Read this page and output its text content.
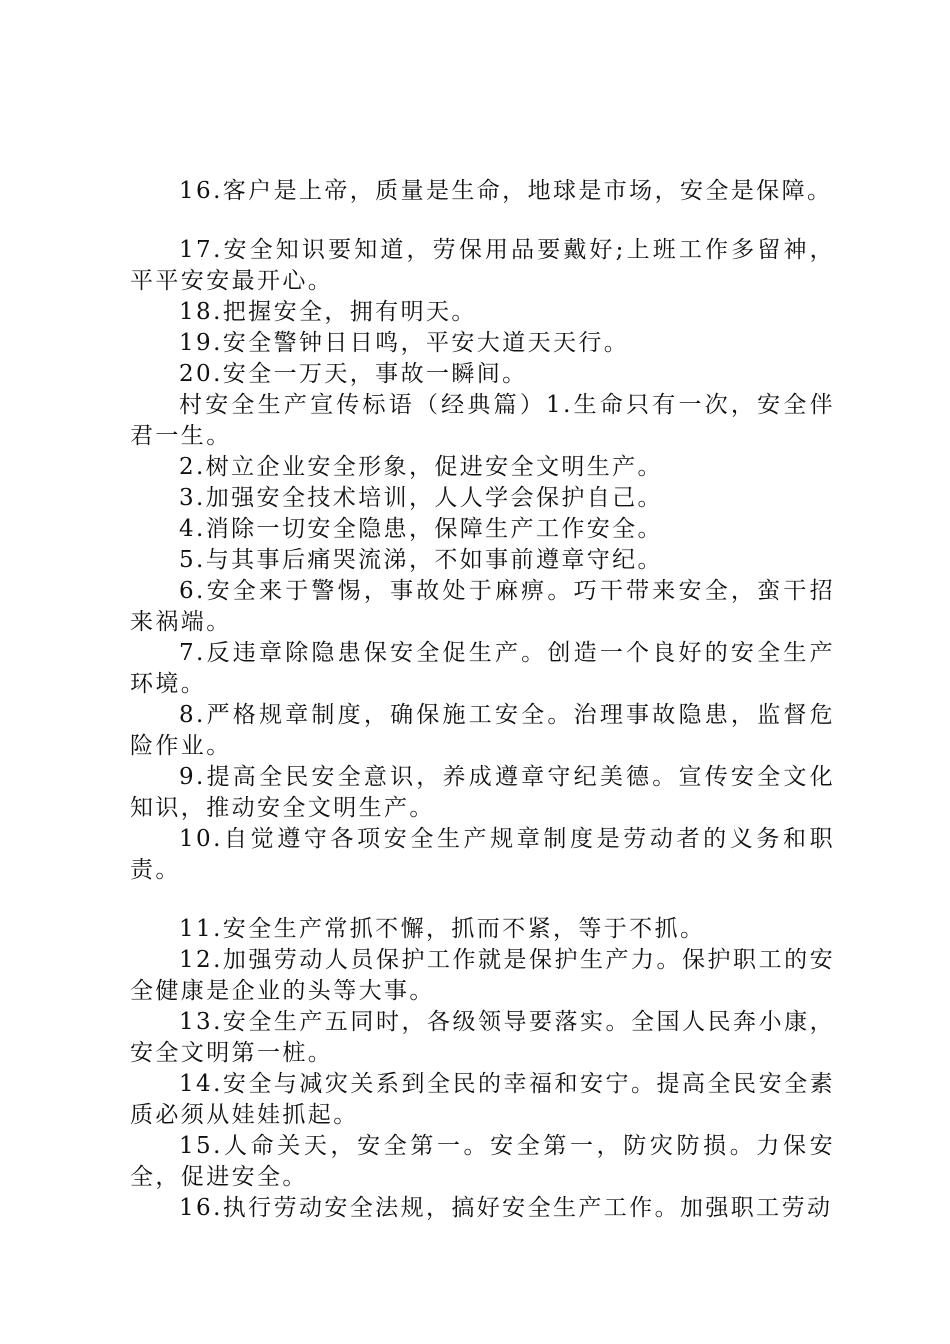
16.客户是上帝，质量是生命，地球是市场，安全是保障。

17.安全知识要知道，劳保用品要戴好;上班工作多留神，平平安安最开心。

18.把握安全，拥有明天。

19.安全警钟日日鸣，平安大道天天行。

20.安全一万天，事故一瞬间。

村安全生产宣传标语（经典篇）1.生命只有一次，安全伴君一生。

2.树立企业安全形象，促进安全文明生产。

3.加强安全技术培训，人人学会保护自己。

4.消除一切安全隐患，保障生产工作安全。

5.与其事后痛哭流涕，不如事前遵章守纪。

6.安全来于警惕，事故处于麻痹。巧干带来安全，蛮干招来祸端。

7.反违章除隐患保安全促生产。创造一个良好的安全生产环境。

8.严格规章制度，确保施工安全。治理事故隐患，监督危险作业。

9.提高全民安全意识，养成遵章守纪美德。宣传安全文化知识，推动安全文明生产。

10.自觉遵守各项安全生产规章制度是劳动者的义务和职责。

11.安全生产常抓不懈，抓而不紧，等于不抓。

12.加强劳动人员保护工作就是保护生产力。保护职工的安全健康是企业的头等大事。

13.安全生产五同时，各级领导要落实。全国人民奔小康，安全文明第一桩。

14.安全与减灾关系到全民的幸福和安宁。提高全民安全素质必须从娃娃抓起。

15.人命关天，安全第一。安全第一，防灾防损。力保安全，促进安全。

16.执行劳动安全法规，搞好安全生产工作。加强职工劳动
